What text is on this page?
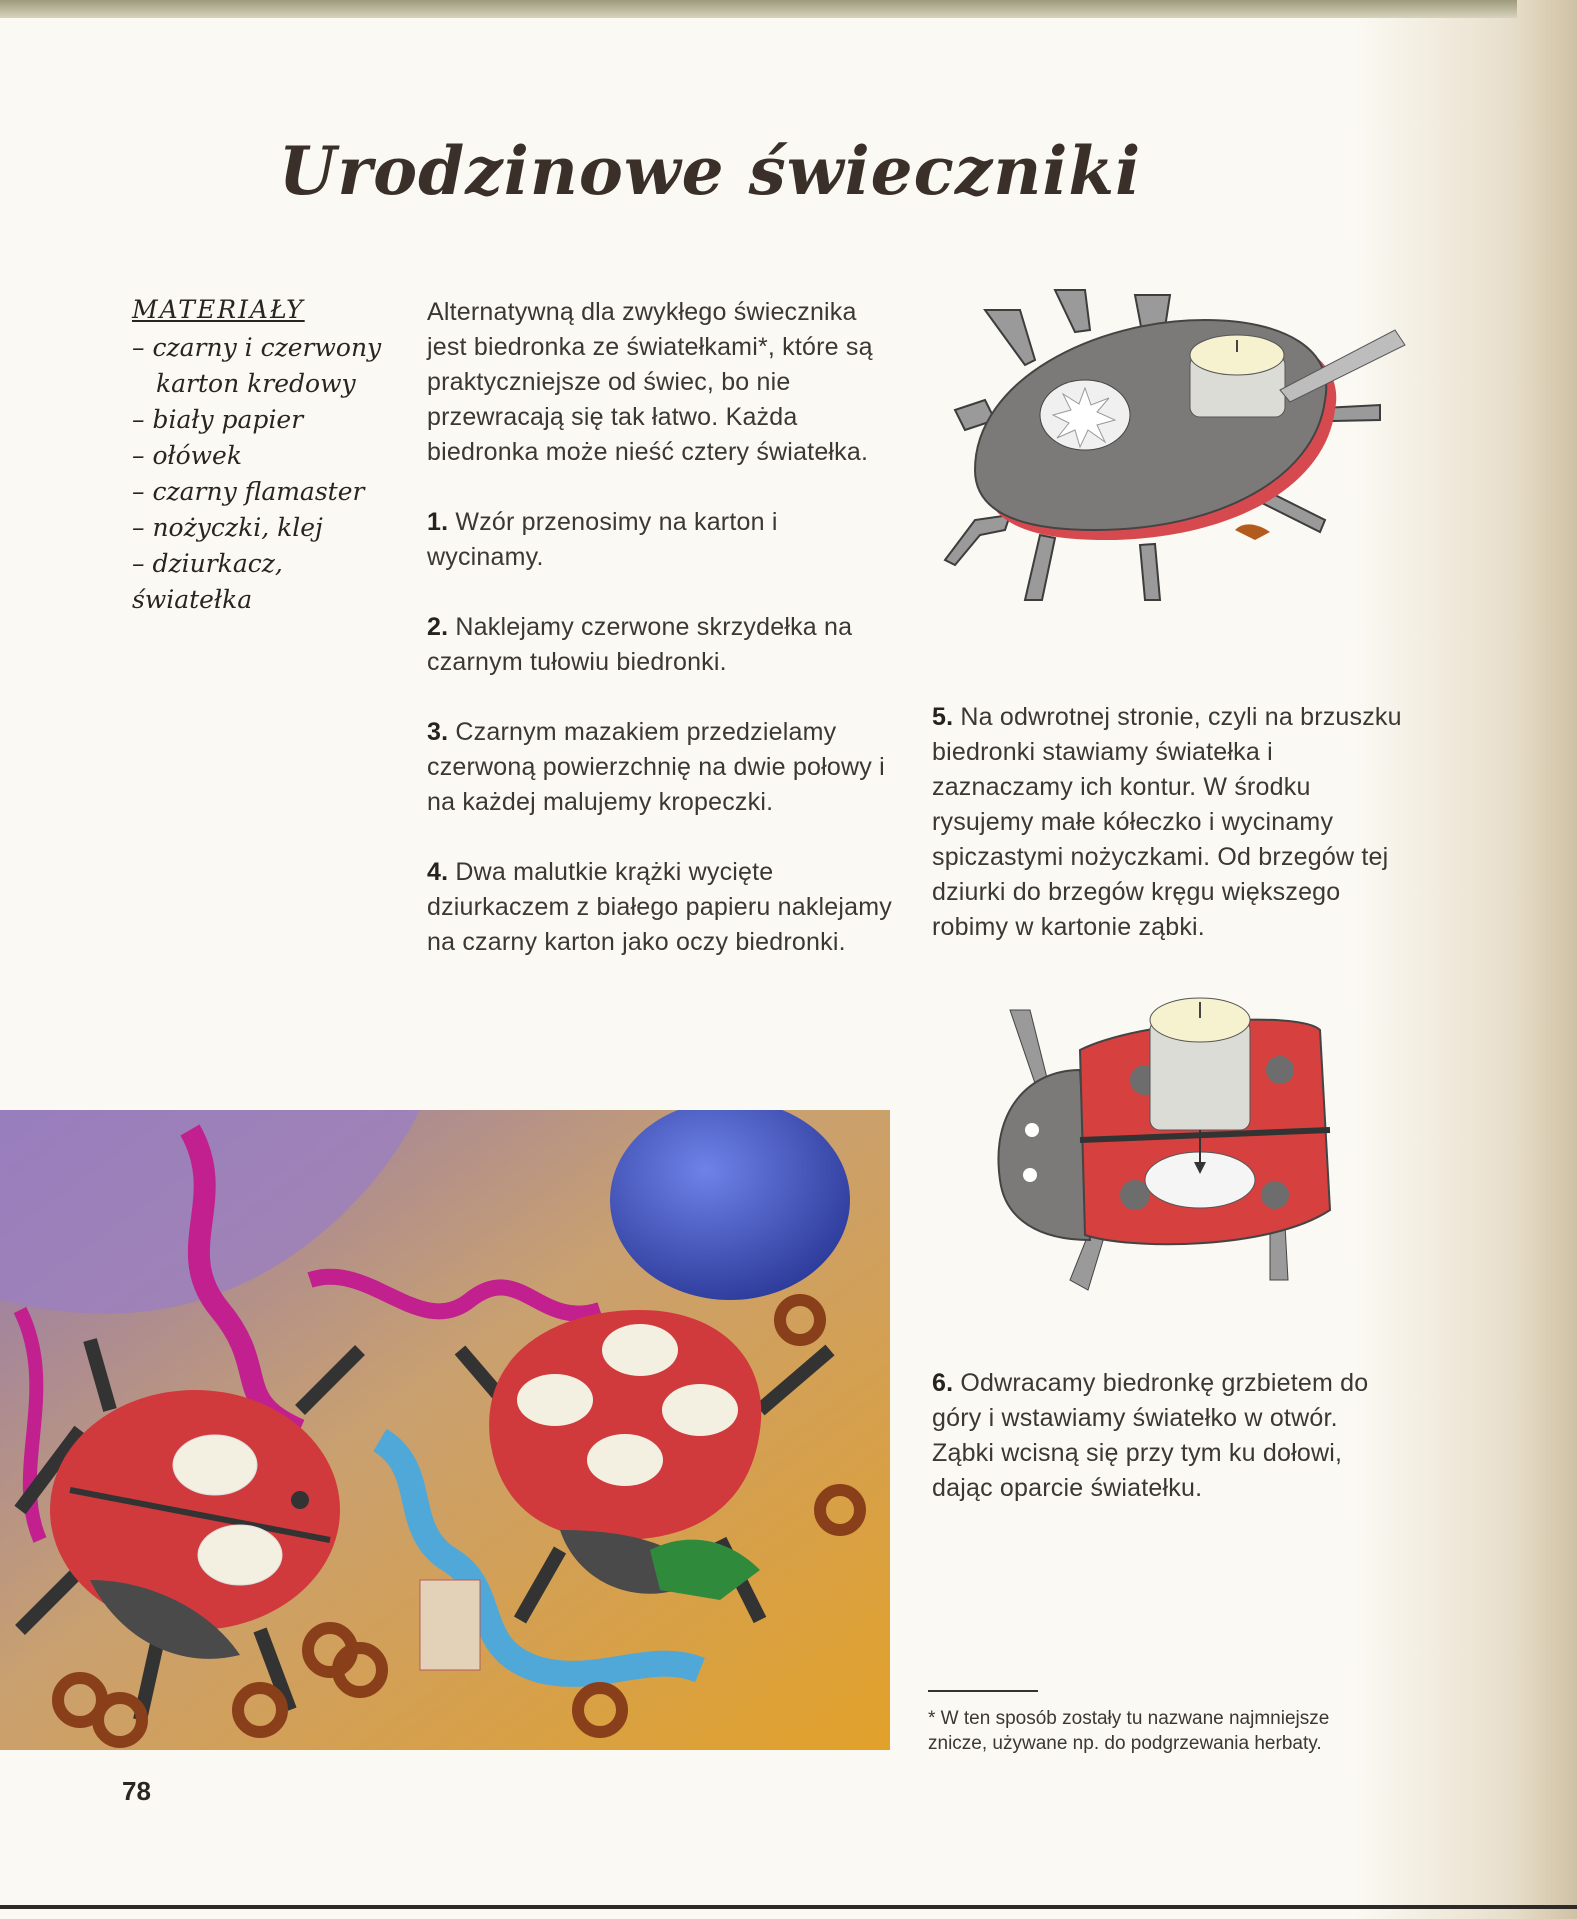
Urodzinowe świeczniki
MATERIAŁY
– czarny i czerwony
karton kredowy
– biały papier
– ołówek
– czarny flamaster
– nożyczki, klej
– dziurkacz, światełka

Alternatywną dla zwykłego świecznika jest biedronka ze światełkami*, które są praktyczniejsze od świec, bo nie przewracają się tak łatwo. Każda biedronka może nieść cztery światełka.

1. Wzór przenosimy na karton i wycinamy.

2. Naklejamy czerwone skrzydełka na czarnym tułowiu biedronki.

3. Czarnym mazakiem przedzielamy czerwoną powierzchnię na dwie połowy i na każdej malujemy kropeczki.

4. Dwa malutkie krążki wycięte dziurkaczem z białego papieru naklejamy na czarny karton jako oczy biedronki.

5. Na odwrotnej stronie, czyli na brzuszku biedronki stawiamy światełka i zaznaczamy ich kontur. W środku rysujemy małe kółeczko i wycinamy spiczastymi nożyczkami. Od brzegów tej dziurki do brzegów kręgu większego robimy w kartonie ząbki.

6. Odwracamy biedronkę grzbietem do góry i wstawiamy światełko w otwór. Ząbki wcisną się przy tym ku dołowi, dając oparcie światełku.

* W ten sposób zostały tu nazwane najmniejsze znicze, używane np. do podgrzewania herbaty.
78
